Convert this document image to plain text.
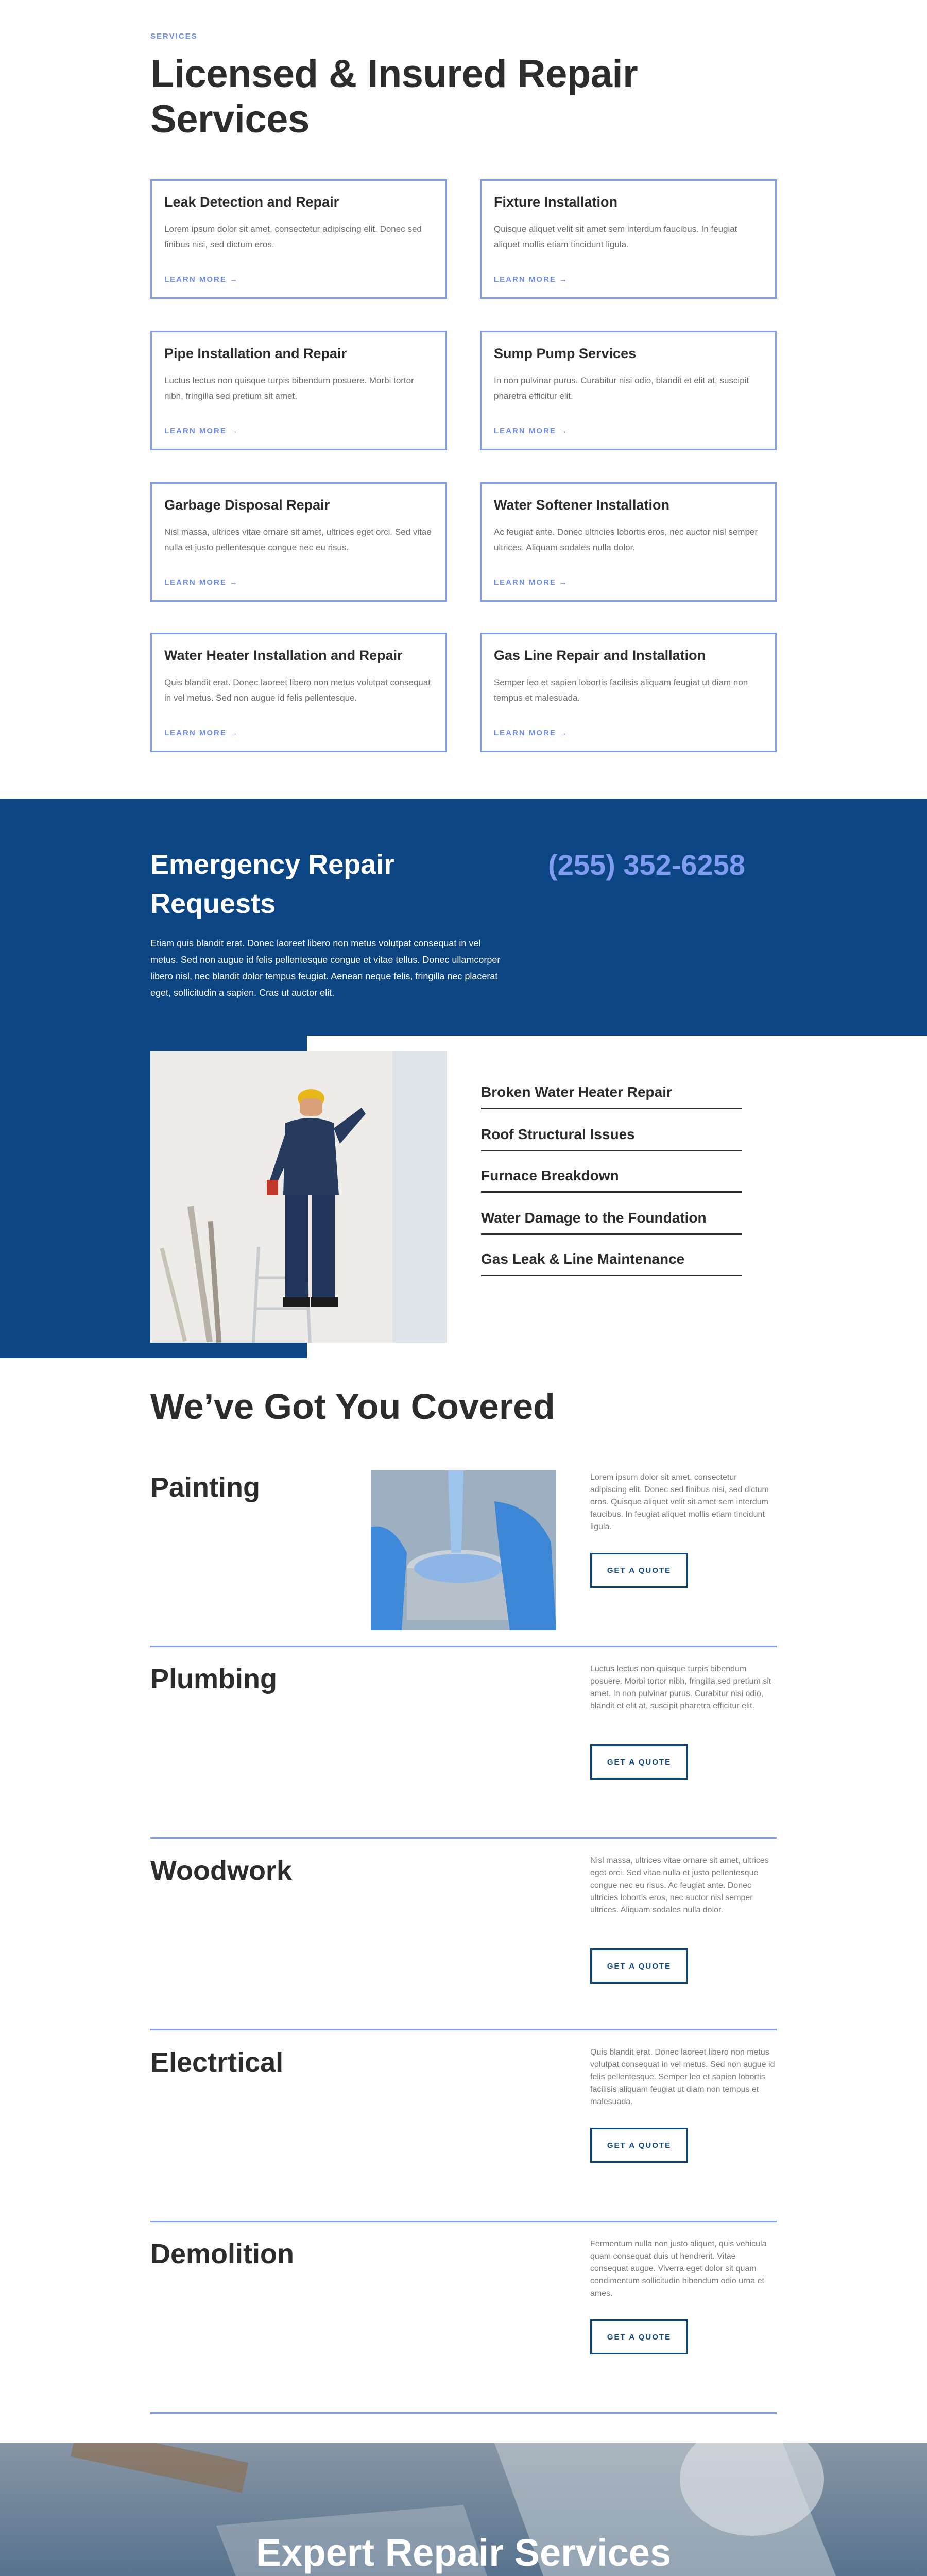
SERVICES
Licensed & Insured Repair Services
Leak Detection and Repair

Lorem ipsum dolor sit amet, consectetur adipiscing elit. Donec sed finibus nisi, sed dictum eros.

LEARN MORE →
Fixture Installation

Quisque aliquet velit sit amet sem interdum faucibus. In feugiat aliquet mollis etiam tincidunt ligula.

LEARN MORE →
Pipe Installation and Repair

Luctus lectus non quisque turpis bibendum posuere. Morbi tortor nibh, fringilla sed pretium sit amet.

LEARN MORE →
Sump Pump Services

In non pulvinar purus. Curabitur nisi odio, blandit et elit at, suscipit pharetra efficitur elit.

LEARN MORE →
Garbage Disposal Repair

Nisl massa, ultrices vitae ornare sit amet, ultrices eget orci. Sed vitae nulla et justo pellentesque congue nec eu risus.

LEARN MORE →
Water Softener Installation

Ac feugiat ante. Donec ultricies lobortis eros, nec auctor nisl semper ultrices. Aliquam sodales nulla dolor.

LEARN MORE →
Water Heater Installation and Repair

Quis blandit erat. Donec laoreet libero non metus volutpat consequat in vel metus. Sed non augue id felis pellentesque.

LEARN MORE →
Gas Line Repair and Installation

Semper leo et sapien lobortis facilisis aliquam feugiat ut diam non tempus et malesuada.

LEARN MORE →
Emergency Repair Requests
Etiam quis blandit erat. Donec laoreet libero non metus volutpat consequat in vel metus. Sed non augue id felis pellentesque congue et vitae tellus. Donec ullamcorper libero nisl, nec blandit dolor tempus feugiat. Aenean neque felis, fringilla nec placerat eget, sollicitudin a sapien. Cras ut auctor elit.
(255) 352-6258
Broken Water Heater Repair
Roof Structural Issues
Furnace Breakdown
Water Damage to the Foundation
Gas Leak & Line Maintenance
We’ve Got You Covered
Painting	Lorem ipsum dolor sit amet, consectetur adipiscing elit. Donec sed finibus nisi, sed dictum eros. Quisque aliquet velit sit amet sem interdum faucibus. In feugiat aliquet mollis etiam tincidunt ligula.
GET A QUOTE
Plumbing	Luctus lectus non quisque turpis bibendum posuere. Morbi tortor nibh, fringilla sed pretium sit amet. In non pulvinar purus. Curabitur nisi odio, blandit et elit at, suscipit pharetra efficitur elit.
GET A QUOTE
Woodwork	Nisl massa, ultrices vitae ornare sit amet, ultrices eget orci. Sed vitae nulla et justo pellentesque congue nec eu risus. Ac feugiat ante. Donec ultricies lobortis eros, nec auctor nisl semper ultrices. Aliquam sodales nulla dolor.
GET A QUOTE
Electrtical	Quis blandit erat. Donec laoreet libero non metus volutpat consequat in vel metus. Sed non augue id felis pellentesque. Semper leo et sapien lobortis facilisis aliquam feugiat ut diam non tempus et malesuada.
GET A QUOTE
Demolition	Fermentum nulla non justo aliquet, quis vehicula quam consequat duis ut hendrerit. Vitae consequat augue. Viverra eget dolor sit quam condimentum sollicitudin bibendum odio urna et ames.
GET A QUOTE
Expert Repair Services
